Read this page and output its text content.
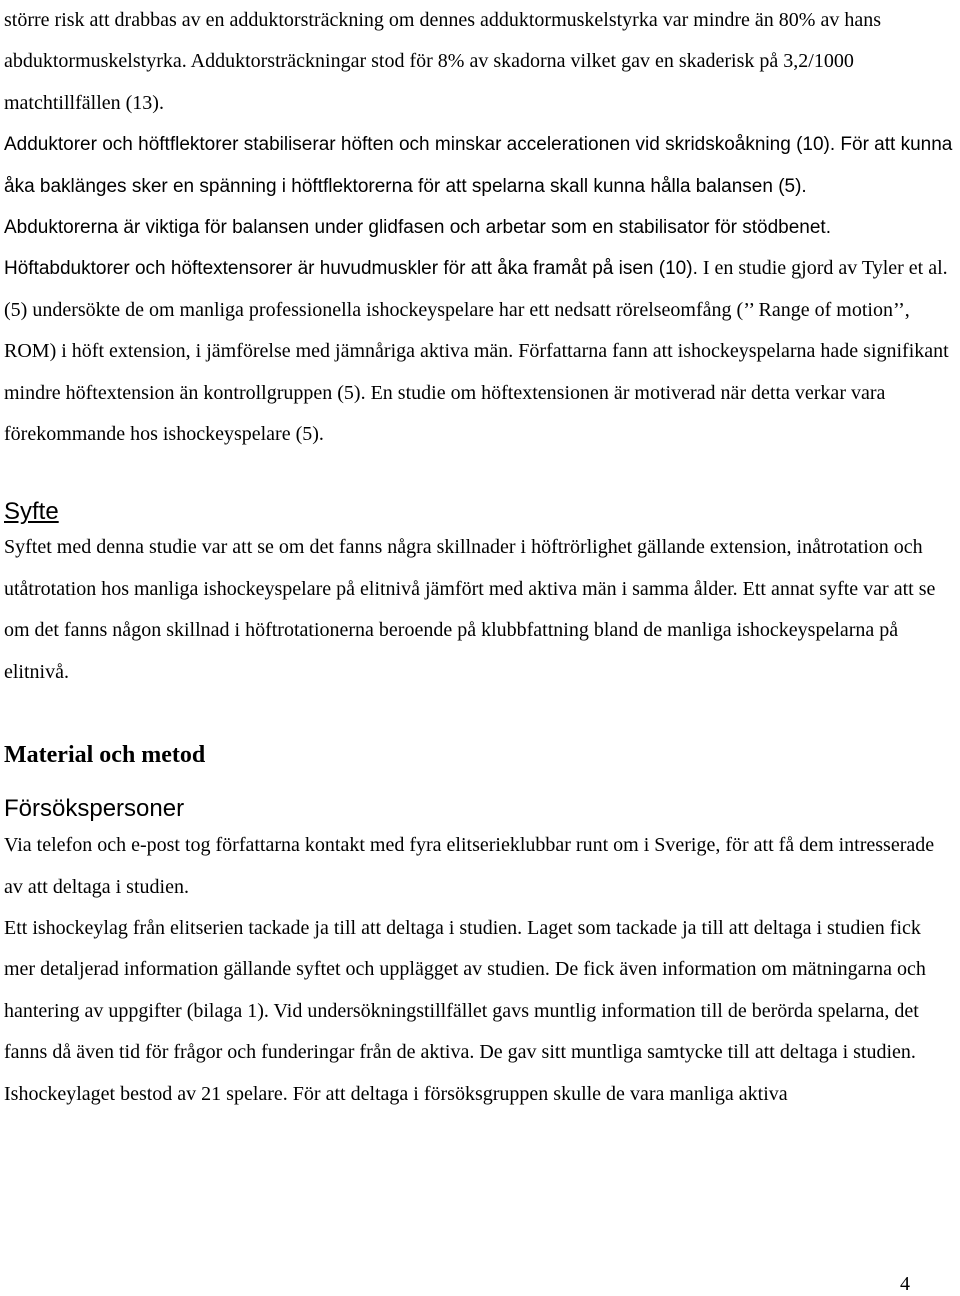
större risk att drabbas av en adduktorsträckning om dennes adduktormuskelstyrka var mindre än 80% av hans abduktormuskelstyrka. Adduktorsträckningar stod för 8% av skadorna vilket gav en skaderisk på 3,2/1000 matchtillfällen (13).

Adduktorer och höftflektorer stabiliserar höften och minskar accelerationen vid skridskoåkning (10). För att kunna åka baklänges sker en spänning i höftflektorerna för att spelarna skall kunna hålla balansen (5).

Abduktorerna är viktiga för balansen under glidfasen och arbetar som en stabilisator för stödbenet. Höftabduktorer och höftextensorer är huvudmuskler för att åka framåt på isen (10). I en studie gjord av Tyler et al. (5) undersökte de om manliga professionella ishockeyspelare har ett nedsatt rörelseomfång (’’ Range of motion’’, ROM) i höft extension, i jämförelse med jämnåriga aktiva män. Författarna fann att ishockeyspelarna hade signifikant mindre höftextension än kontrollgruppen (5). En studie om höftextensionen är motiverad när detta verkar vara förekommande hos ishockeyspelare (5).

Syfte

Syftet med denna studie var att se om det fanns några skillnader i höftrörlighet gällande extension, inåtrotation och utåtrotation hos manliga ishockeyspelare på elitnivå jämfört med aktiva män i samma ålder. Ett annat syfte var att se om det fanns någon skillnad i höftrotationerna beroende på klubbfattning bland de manliga ishockeyspelarna på elitnivå.

Material och metod
Försökspersoner

Via telefon och e-post tog författarna kontakt med fyra elitserieklubbar runt om i Sverige, för att få dem intresserade av att deltaga i studien.

Ett ishockeylag från elitserien tackade ja till att deltaga i studien. Laget som tackade ja till att deltaga i studien fick mer detaljerad information gällande syftet och upplägget av studien. De fick även information om mätningarna och hantering av uppgifter (bilaga 1). Vid undersökningstillfället gavs muntlig information till de berörda spelarna, det fanns då även tid för frågor och funderingar från de aktiva. De gav sitt muntliga samtycke till att deltaga i studien.

Ishockeylaget bestod av 21 spelare. För att deltaga i försöksgruppen skulle de vara manliga aktiva

4
